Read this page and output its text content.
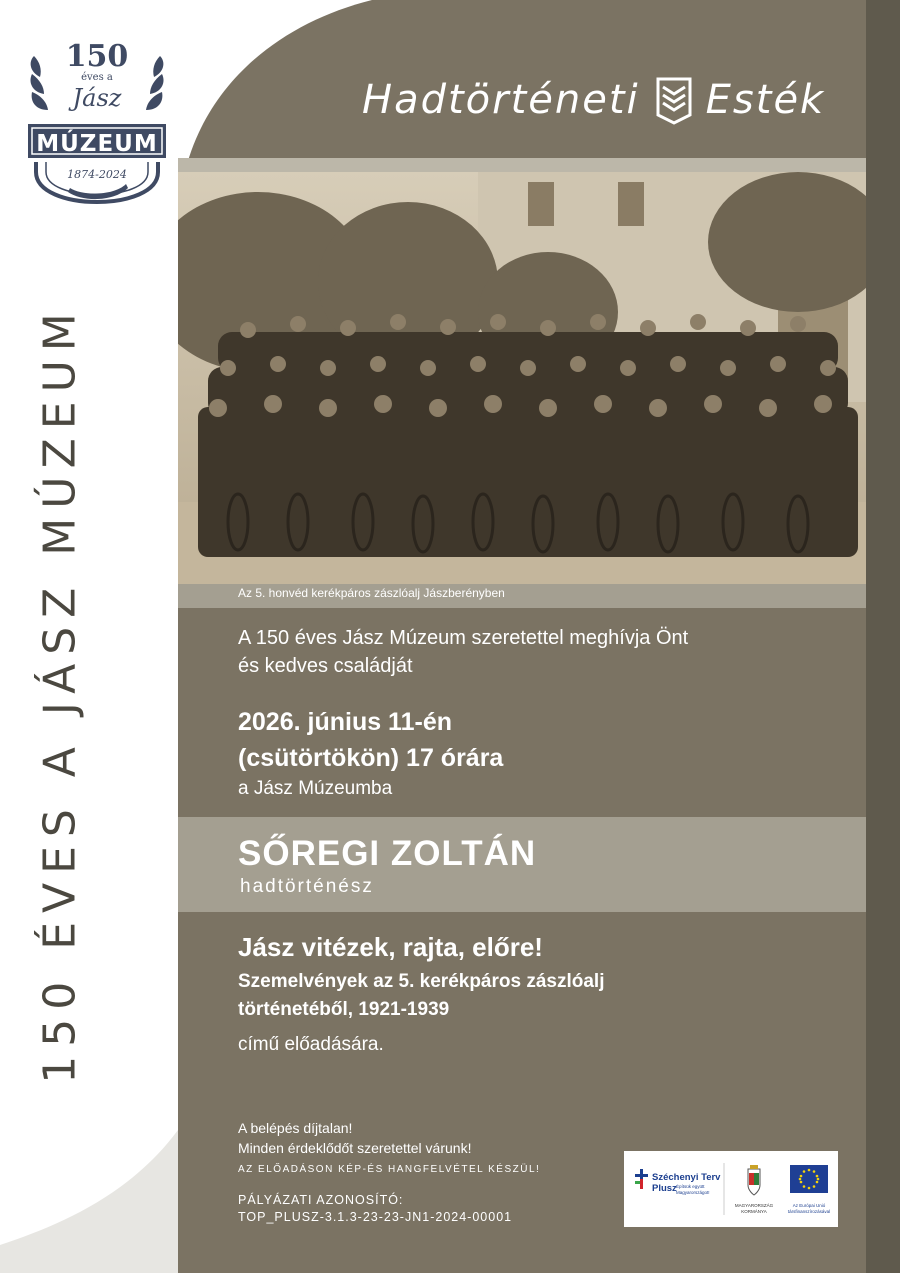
150
éves a
Jász
MÚZEUM
1874-2024
150 ÉVES A JÁSZ MÚZEUM
Hadtörténeti Esték
Az 5. honvéd kerékpáros zászlóalj Jászberényben
A 150 éves Jász Múzeum szeretettel meghívja Önt
és kedves családját
2026. június 11-én
(csütörtökön) 17 órára
a Jász Múzeumba
SŐREGI ZOLTÁN
hadtörténész
Jász vitézek, rajta, előre!
Szemelvények az 5. kerékpáros zászlóalj
történetéből, 1921-1939
című előadására.
A belépés díjtalan!
Minden érdeklődőt szeretettel várunk!
AZ ELŐADÁSON KÉP-ÉS HANGFELVÉTEL KÉSZÜL!
PÁLYÁZATI AZONOSÍTÓ:
TOP_PLUSZ-3.1.3-23-23-JN1-2024-00001
Széchenyi Terv
Plusz Építsük együtt Magyarországot!
MAGYARORSZÁG KORMÁNYA
Az Európai Unió társfinanszírozásával
